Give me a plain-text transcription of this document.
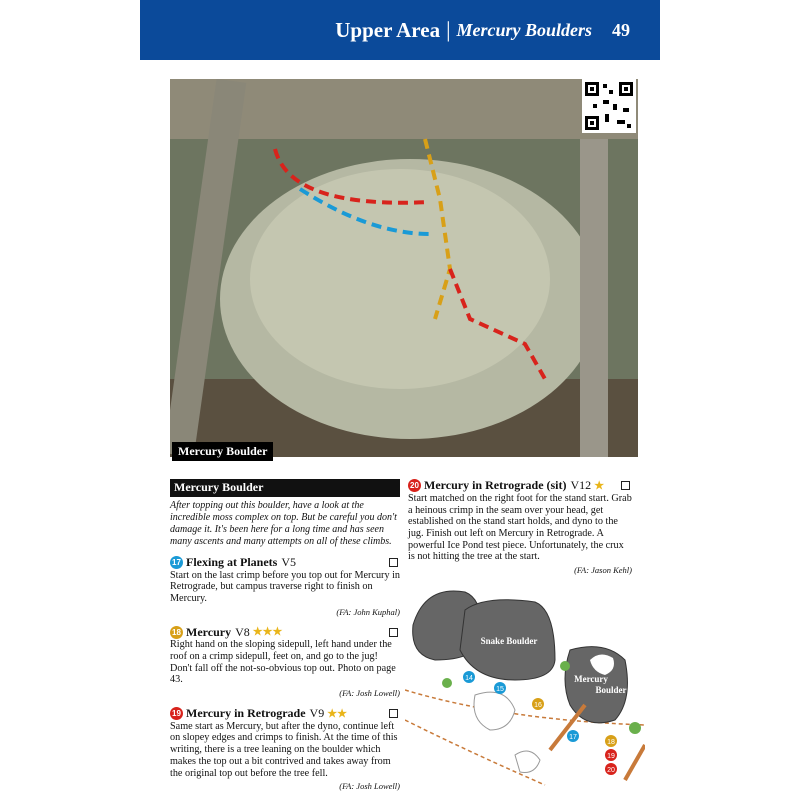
Upper Area | Mercury Boulders 49
Mercury Boulder
Mercury Boulder
After topping out this boulder, have a look at the incredible moss complex on top. But be careful you don't damage it. It's been here for a long time and has seen many ascents and many attempts on all of these climbs.
17 Flexing at Planets V5
Start on the last crimp before you top out for Mercury in Retrograde, but campus traverse right to finish on Mercury.
(FA: John Kuphal)
18 Mercury V8 ★★★
Right hand on the sloping sidepull, left hand under the roof on a crimp sidepull, feet on, and go to the jug! Don't fall off the not-so-obvious top out. Photo on page 43.
(FA: Josh Lowell)
19 Mercury in Retrograde V9 ★★
Same start as Mercury, but after the dyno, continue left on slopey edges and crimps to finish. At the time of this writing, there is a tree leaning on the boulder which makes the top out a bit contrived and takes away from the original top out before the tree fell.
(FA: Josh Lowell)
20 Mercury in Retrograde (sit) V12 ★
Start matched on the right foot for the stand start. Grab a heinous crimp in the seam over your head, get established on the stand start holds, and dyno to the jug. Finish out left on Mercury in Retrograde. A powerful Ice Pond test piece. Unfortunately, the crux is not hitting the tree at the start.
(FA: Jason Kehl)
Snake Boulder
Mercury
Boulder
14
15
16
17
18
19
20
